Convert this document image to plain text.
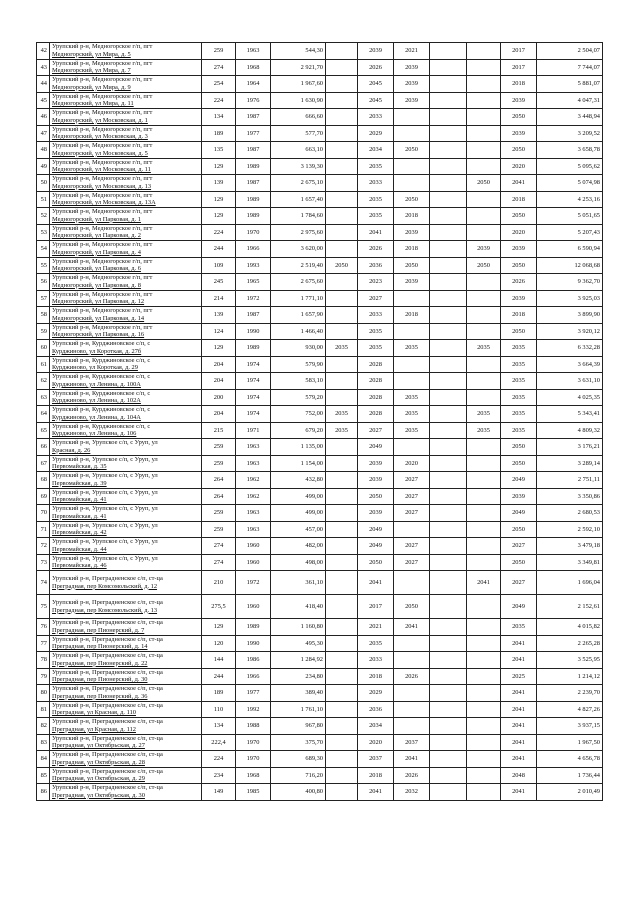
42	Урупский р-н, Медногорское г/п, пгт
Медногорский, ул Мира, д. 5	259	1963	544,30		2039	2021			2017	2 504,07
43	Урупский р-н, Медногорское г/п, пгт
Медногорский, ул Мира, д. 7	274	1968	2 921,70		2026	2039			2017	7 744,07
44	Урупский р-н, Медногорское г/п, пгт
Медногорский, ул Мира, д. 9	254	1964	1 967,60		2045	2039			2018	5 881,07
45	Урупский р-н, Медногорское г/п, пгт
Медногорский, ул Мира, д. 11	224	1976	1 630,90		2045	2039			2039	4 047,31
46	Урупский р-н, Медногорское г/п, пгт
Медногорский, ул Московская, д. 1	134	1987	666,60		2033				2050	3 448,94
47	Урупский р-н, Медногорское г/п, пгт
Медногорский, ул Московская, д. 3	189	1977	577,70		2029				2039	3 209,52
48	Урупский р-н, Медногорское г/п, пгт
Медногорский, ул Московская, д. 5	135	1987	663,10		2034	2050			2050	3 658,78
49	Урупский р-н, Медногорское г/п, пгт
Медногорский, ул Московская, д. 11	129	1989	3 139,30		2035				2020	5 095,62
50	Урупский р-н, Медногорское г/п, пгт
Медногорский, ул Московская, д. 13	139	1987	2 675,10		2033			2050	2041	5 074,98
51	Урупский р-н, Медногорское г/п, пгт
Медногорский, ул Московская, д. 13А	129	1989	1 657,40		2035	2050			2018	4 253,16
52	Урупский р-н, Медногорское г/п, пгт
Медногорский, ул Парковая, д. 1	129	1989	1 784,60		2035	2018			2050	5 051,65
53	Урупский р-н, Медногорское г/п, пгт
Медногорский, ул Парковая, д. 2	224	1970	2 975,60		2041	2039			2020	5 207,43
54	Урупский р-н, Медногорское г/п, пгт
Медногорский, ул Парковая, д. 4	244	1966	3 620,00		2026	2018		2039	2039	6 590,94
55	Урупский р-н, Медногорское г/п, пгт
Медногорский, ул Парковая, д. 6	109	1993	2 519,40	2050	2036	2050		2050	2050	12 068,68
56	Урупский р-н, Медногорское г/п, пгт
Медногорский, ул Парковая, д. 8	245	1965	2 675,60		2023	2039			2026	9 362,70
57	Урупский р-н, Медногорское г/п, пгт
Медногорский, ул Парковая, д. 12	214	1972	1 771,10		2027				2039	3 925,03
58	Урупский р-н, Медногорское г/п, пгт
Медногорский, ул Парковая, д. 14	139	1987	1 657,90		2033	2018			2018	3 899,90
59	Урупский р-н, Медногорское г/п, пгт
Медногорский, ул Парковая, д. 16	124	1990	1 466,40		2035				2050	3 920,12
60	Урупский р-н, Курджиновское с/п, с
Курджиново, ул Короткая, д. 27б	129	1989	930,00	2035	2035	2035		2035	2035	6 332,28
61	Урупский р-н, Курджиновское с/п, с
Курджиново, ул Короткая, д. 29	204	1974	579,90		2028				2035	3 664,39
62	Урупский р-н, Курджиновское с/п, с
Курджиново, ул Ленина, д. 100А	204	1974	583,10		2028				2035	3 631,10
63	Урупский р-н, Курджиновское с/п, с
Курджиново, ул Ленина, д. 102А	200	1974	579,20		2028	2035			2035	4 025,35
64	Урупский р-н, Курджиновское с/п, с
Курджиново, ул Ленина, д. 104А	204	1974	752,00	2035	2028	2035		2035	2035	5 343,41
65	Урупский р-н, Курджиновское с/п, с
Курджиново, ул Ленина, д. 106	215	1971	679,20	2035	2027	2035		2035	2035	4 809,32
66	Урупский р-н, Урупское с/п, с Уруп, ул
Красная, д. 26	259	1963	1 135,00		2049				2050	3 176,21
67	Урупский р-н, Урупское с/п, с Уруп, ул
Первомайская, д. 35	259	1963	1 154,00		2039	2020			2050	3 289,14
68	Урупский р-н, Урупское с/п, с Уруп, ул
Первомайская, д. 39	264	1962	432,80		2039	2027			2049	2 751,11
69	Урупский р-н, Урупское с/п, с Уруп, ул
Первомайская, д. 41	264	1962	499,00		2050	2027			2039	3 350,86
70	Урупский р-н, Урупское с/п, с Уруп, ул
Первомайская, д. 41	259	1963	499,00		2039	2027			2049	2 680,53
71	Урупский р-н, Урупское с/п, с Уруп, ул
Первомайская, д. 42	259	1963	457,00		2049				2050	2 592,10
72	Урупский р-н, Урупское с/п, с Уруп, ул
Первомайская, д. 44	274	1960	482,00		2049	2027			2027	3 479,18
73	Урупский р-н, Урупское с/п, с Уруп, ул
Первомайская, д. 46	274	1960	498,00		2050	2027			2050	3 349,81
74	Урупский р-н, Преградненское с/п, ст-ца
Преградная, пер Комсомольский, д. 12	210	1972	361,10		2041			2041	2027	1 696,04
75	Урупский р-н, Преградненское с/п, ст-ца
Преградная, пер Комсомольский, д. 13	275,5	1960	418,40		2017	2050			2049	2 152,61
76	Урупский р-н, Преградненское с/п, ст-ца
Преградная, пер Пионерский, д. 7	129	1989	1 160,80		2021	2041			2035	4 015,82
77	Урупский р-н, Преградненское с/п, ст-ца
Преградная, пер Пионерский, д. 14	120	1990	495,30		2035				2041	2 265,28
78	Урупский р-н, Преградненское с/п, ст-ца
Преградная, пер Пионерский, д. 22	144	1986	1 284,92		2033				2041	3 525,95
79	Урупский р-н, Преградненское с/п, ст-ца
Преградная, пер Пионерский, д. 30	244	1966	234,80		2018	2026			2025	1 214,12
80	Урупский р-н, Преградненское с/п, ст-ца
Преградная, пер Пионерский, д. 36	189	1977	389,40		2029				2041	2 239,70
81	Урупский р-н, Преградненское с/п, ст-ца
Преградная, ул Красная, д. 110	110	1992	1 761,10		2036				2041	4 827,26
82	Урупский р-н, Преградненское с/п, ст-ца
Преградная, ул Красная, д. 112	134	1988	967,80		2034				2041	3 937,15
83	Урупский р-н, Преградненское с/п, ст-ца
Преградная, ул Октябрьская, д. 27	222,4	1970	375,70		2020	2037			2041	1 967,50
84	Урупский р-н, Преградненское с/п, ст-ца
Преградная, ул Октябрьская, д. 28	224	1970	689,30		2037	2041			2041	4 656,78
85	Урупский р-н, Преградненское с/п, ст-ца
Преградная, ул Октябрьская, д. 29	234	1968	716,20		2018	2026			2048	1 736,44
86	Урупский р-н, Преградненское с/п, ст-ца
Преградная, ул Октябрьская, д. 30	149	1985	400,80		2041	2032			2041	2 010,49
